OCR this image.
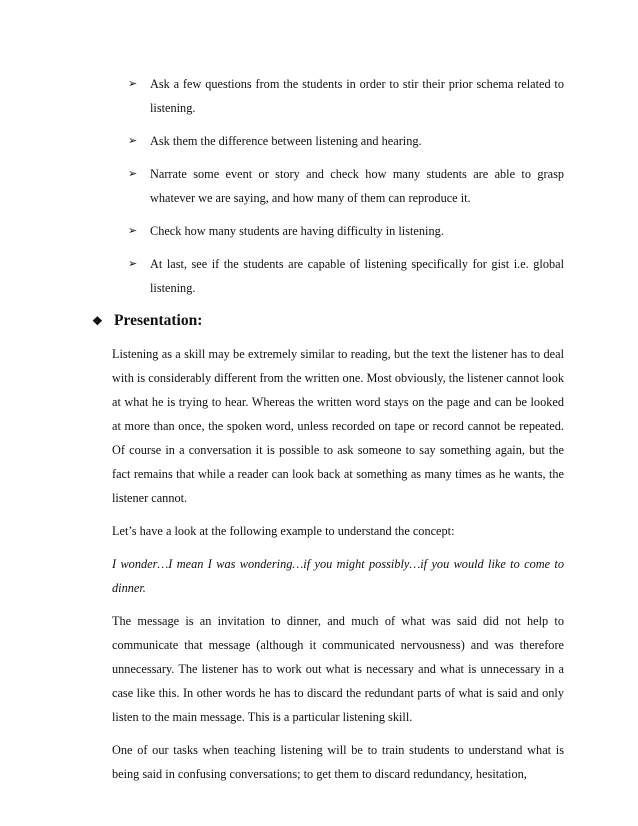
➢ Ask a few questions from the students in order to stir their prior schema related to listening.
➢ Ask them the difference between listening and hearing.
➢ Narrate some event or story and check how many students are able to grasp whatever we are saying, and how many of them can reproduce it.
➢ Check how many students are having difficulty in listening.
➢ At last, see if the students are capable of listening specifically for gist i.e. global listening.
❖ Presentation:

Listening as a skill may be extremely similar to reading, but the text the listener has to deal with is considerably different from the written one. Most obviously, the listener cannot look at what he is trying to hear. Whereas the written word stays on the page and can be looked at more than once, the spoken word, unless recorded on tape or record cannot be repeated. Of course in a conversation it is possible to ask someone to say something again, but the fact remains that while a reader can look back at something as many times as he wants, the listener cannot.

Let’s have a look at the following example to understand the concept:

I wonder…I mean I was wondering…if you might possibly…if you would like to come to dinner.

The message is an invitation to dinner, and much of what was said did not help to communicate that message (although it communicated nervousness) and was therefore unnecessary. The listener has to work out what is necessary and what is unnecessary in a case like this. In other words he has to discard the redundant parts of what is said and only listen to the main message. This is a particular listening skill.

One of our tasks when teaching listening will be to train students to understand what is being said in confusing conversations; to get them to discard redundancy, hesitation,
